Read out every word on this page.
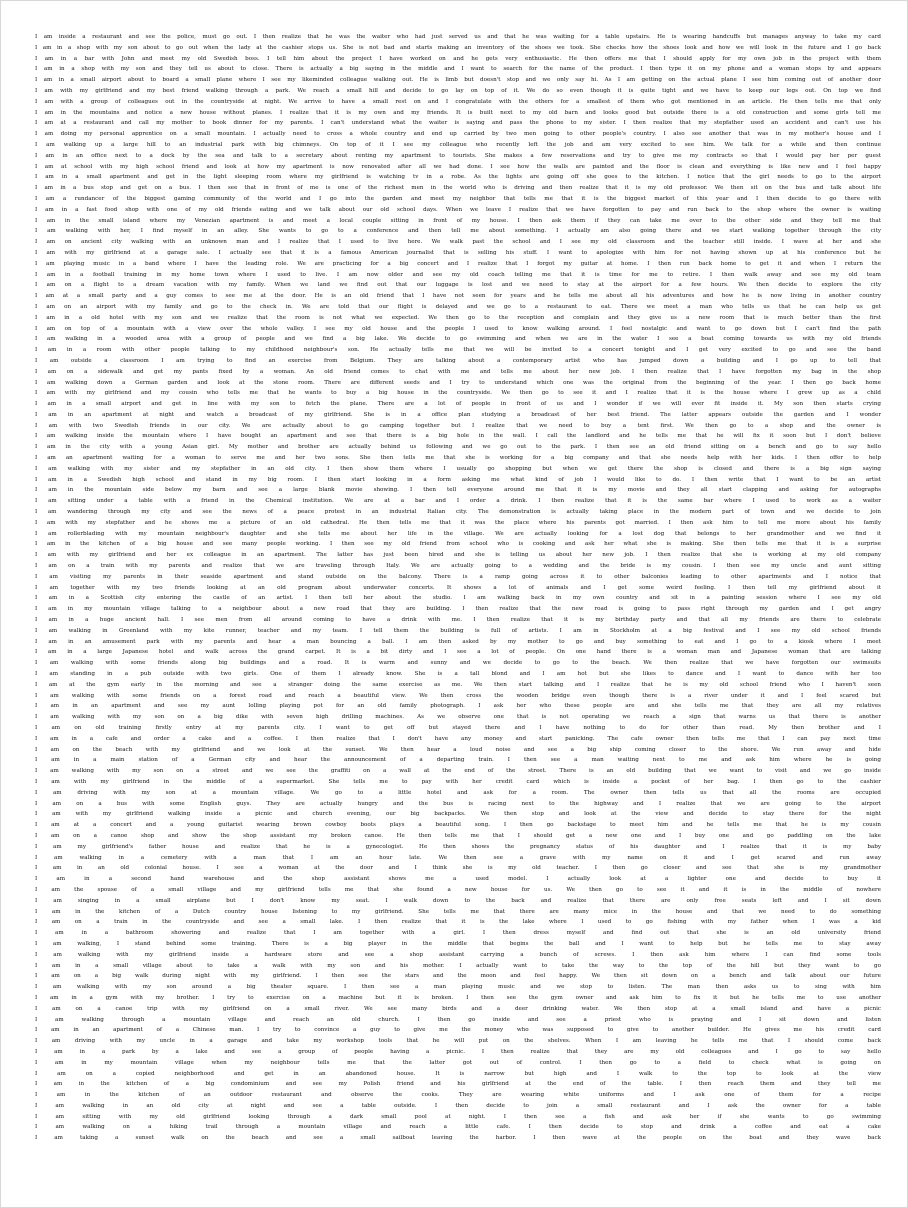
I am inside a restaurant and see the police, must go out. I then realize that he was the waiter who had just served us and that he was waiting for a table upstairs. He is wearing handcuffs but manages anyway to take my card
I am in a shop with my son about to go out when the lady at the cashier stops us. She is not bad and starts making an inventory of the shoes we took. She checks how the shoes look and how we will look in the future and I go back
I am in a bar with John and meet my old Swedish boss. I tell him about the project I have worked on and he gets very enthusiastic. He then offers me that I should apply for my own job in the project with them
I am in a shop with my son and they tell us about to close. There is actually a big saying in the middle and I want to search for the name of the product. I then type it on my phone and a woman stops by and appears
I am in a small airport about to board a small plane where I see my likeminded colleague walking out. He is limb but doesn't stop and we only say hi. As I am getting on the actual plane I see him coming out of another door
I am with my girlfriend and my best friend walking through a park. We reach a small hill and decide to go lay on top of it. We do so even though it is quite tight and we have to keep our legs out. On top we find
I am with a group of colleagues out in the countryside at night. We arrive to have a small rest on and I congratulate with the others for a smallest of them who got mentioned in an article. He then tells me that only
I am in the mountains and notice a new house without planes. I realize that it is my own and my friends. It is built next to my old barn and looks good but outside there is a old construction and some girls tell me
I am at a restaurant and call my mother to book dinner for my parents. I can't understand what the waiter is saying and pass the phone to my sister. I then realize that my stepfather used an accident and can't use his
I am doing my personal apprentice on a small mountain. I actually need to cross a whole country and end up carried by two men going to other people's country. I also see another that was in my mother's house and I
I am walking up a large hill to an industrial park with big chimneys. On top of it I see my colleague who recently left the job and am very excited to see him. We talk for a while and then continue
I am in an office next to a dock by the sea and talk to a secretary about renting my apartment to tourists. She makes a few reservations and try to give me my contracts so that I would pay her per guest
I am at school with my high school friend and look at how my apartment is now renovated after all we had done. I see how the walls are painted and the floor is clean and everything is like new and I feel happy
I am in a small apartment and get in the light sleeping room where my girlfriend is watching tv in a robe. As the lights are going off she goes to the kitchen. I notice that the girl needs to go to the airport
I am in a bus stop and get on a bus. I then see that in front of me is one of the richest men in the world who is driving and then realize that it is my old professor. We then sit on the bus and talk about life
I am a rundancer of the biggest gaming community of the world and I go into the garden and meet my neighbor that tells me that it is the biggest market of this year and I then decide to go there with
I am in a fast food shop with one of my old friends eating and we talk about our old school days. When we leave I realize that we have forgotten to pay and run back to the shop where the owner is waiting
I am in the small island where my Venezian apartment is and meet a local couple sitting in front of my house. I then ask them if they can take me over to the other side and they tell me that
I am walking with her, I find myself in an alley. She wants to go to a conference and then tell me about something. I actually am also going there and we start walking together through the city
I am on ancient city walking with an unknown man and I realize that I used to live here. We walk past the school and I see my old classroom and the teacher still inside. I wave at her and she
I am with my girlfriend at a garage sale. I actually see that it is a famous American journalist that is selling his stuff. I want to apologize with him for not having shown up at his conference but he
I am playing music in a band where I have the leading role. We are practicing for a big concert and I realize that I forgot my guitar at home. I then run back home to get it and when I return the
I am in a football training in my home town where I used to live. I am now older and see my old coach telling me that it is time for me to retire. I then walk away and see my old team
I am on a flight to a dream vacation with my family. When we land we find out that our luggage is lost and we need to stay at the airport for a few hours. We then decide to explore the city
I am at a small party and a guy comes to see me at the door. He is an old friend that I have not seen for years and he tells me about all his adventures and how he is now living in another country
I am on an airport with my family and go to the check in. We are told that our flight is delayed and we go to a restaurant to eat. There we meet a man who tells us that he can help us get
I am in a old hotel with my son and we realize that the room is not what we expected. We then go to the reception and complain and they give us a new room that is much better than the first
I am on top of a mountain with a view over the whole valley. I see my old house and the people I used to know walking around. I feel nostalgic and want to go down but I can't find the path
I am walking in a wooded area with a group of people and we find a big lake. We decide to go swimming and when we are in the water I see a boat coming towards us with my old friends
I am in a room with other people talking to my childhood neighbour's son. He actually tells me that we will be invited to a concert tonight and I get very excited to go and see the band
I am outside a classroom I am trying to find an exercise from Belgium. They are talking about a contemporary artist who has jumped down a building and I go up to tell that
I am on a sidewalk and get my pants fixed by a woman. An old friend comes to chat with me and tells me about her new job. I then realize that I have forgotten my bag in the shop
I am walking down a German garden and look at the stone room. There are different seeds and I try to understand which one was the original from the beginning of the year. I then go back home
I am with my girlfriend and my cousin who tells me that he wants to buy a big house in the countryside. We then go to see it and I realize that it is the house where I grew up as a child
I am in a small airport and get in line with my son to fetch the plane. There are a lot of people in front of us and I wonder if we will ever fit inside it. My son then starts crying
I am in an apartment at night and watch a broadcast of my girlfriend. She is in a office plan studying a broadcast of her best friend. The latter appears outside the garden and I wonder
I am with two Swedish friends in our city. We are actually about to go camping together but I realize that we need to buy a tent first. We then go to a shop and the owner is
I am walking inside the mountain where I have bought an apartment and see that there is a big hole in the wall. I call the landlord and he tells me that he will fix it soon but I don't believe
I am in the city with a young Asian girl. My mother and brother are actually behind us following and we go out to the park. I then see an old friend sitting on a bench and go to say hello
I am an apartment waiting for a woman to serve me and her two sons. She then tells me that she is working for a big company and that she needs help with her kids. I then offer to help
I am walking with my sister and my stepfather in an old city. I then show them where I usually go shopping but when we get there the shop is closed and there is a big sign saying
I am in a Swedish high school and stand in my big room. I then start looking in a form asking me what kind of job I would like to do. I then write that I want to be an artist
I am in the mountain side below my barn and see a large blank movie showing. I then tell everyone around me that it is my movie and they all start clapping and asking for autographs
I am sitting under a table with a friend in the Chemical institution. We are at a bar and I order a drink. I then realize that it is the same bar where I used to work as a waiter
I am wandering through my city and see the news of a peace protest in an industrial Italian city. The demonstration is actually taking place in the modern part of town and we decide to join
I am with my stepfather and he shows me a picture of an old cathedral. He then tells me that it was the place where his parents got married. I then ask him to tell me more about his family
I am rollerblading with my mountain neighbour's daughter and she tells me about her life in the village. We are actually looking for a lost dog that belongs to her grandmother and we find it
I am in the kitchen of a big house and see many people working. I then see my old friend from school who is cooking and ask her what she is making. She then tells me that it is a surprise
I am with my girlfriend and her ex colleague in an apartment. The latter has just been hired and she is telling us about her new job. I then realize that she is working at my old company
I am on a train with my parents and realize that we are traveling through Italy. We are actually going to a wedding and the bride is my cousin. I then see my uncle and aunt sitting
I am visiting my parents in their seaside apartment and stand outside on the balcony. There is a ramp going across it to other balconies leading to other apartments and I notice that
I am together with my two friends looking at an old program about underwater concerts. It shows a lot of animals and I get some weird feeling. I then tell my girlfriend about it
I am in a Scottish city entering the castle of an artist. I then tell her about the studio. I am walking back in my own country and sit in a painting session where I see my old
I am in my mountain village talking to a neighbour about a new road that they are building. I then realize that the new road is going to pass right through my garden and I get angry
I am in a huge ancient hall. I see men from all around coming to have a drink with me. I then realize that it is my birthday party and that all my friends are there to celebrate
I am walking in Greenland with my kite runner, teacher and my team. I tell them the building is full of artists. I am in Stockholm at a big festival and I see my old school friends
I am in an amusement park with my parents and hear a man bouncing a ball. I am then asked by my mother to go and buy something to eat and I go to a kiosk where I meet
I am in a large Japanese hotel and walk across the grand carpet. It is a bit dirty and I see a lot of people. On one hand there is a woman man and Japanese woman that are talking
I am walking with some friends along big buildings and a road. It is warm and sunny and we decide to go to the beach. We then realize that we have forgotten our swimsuits
I am standing in a pub outside with two girls. One of them I already know. She is a tall blond and I am hot but she likes to dance and I want to dance with her too
I am at the gym early in the morning and see a stranger doing the same exercise as me. We then start talking and I realize that he is my old school friend who I haven't seen
I am walking with some friends on a forest road and reach a beautiful view. We then cross the wooden bridge even though there is a river under it and I feel scared but
I am in an apartment and see my aunt lolling playing pot for an old family photograph. I ask her who these people are and she tells me that they are all my relatives
I am walking with my son on a big dike with seven high drilling machines. As we observe one that is not operating we reach a sign that warns us that there is another
I am on old training firstly entry at my parents city. I want to get off but stayed there and I have nothing to do for other than read. My then brother and I
I am in a cafe and order a cake and a coffee. I then realize that I don't have any money and start panicking. The cafe owner then tells me that I can pay next time
I am on the beach with my girlfriend and we look at the sunset. We then hear a loud noise and see a big ship coming closer to the shore. We run away and hide
I am in a main station of a German city and hear the announcement of a departing train. I then see a man waiting next to me and ask him where he is going
I am walking with my son on a street and we see the graffiti on a wall at the end of the street. There is an old building that we want to visit and we go inside
I am with my girlfriend in the middle of a supermarket. She tells me to pay with her credit card which is inside a pocket of her bag. I then go to the cashier
I am driving with my son at a mountain village. We go to a little hotel and ask for a room. The owner then tells us that all the rooms are occupied
I am on a bus with some English guys. They are actually hungry and the bus is racing next to the highway and I realize that we are going to the airport
I am with my girlfriend walking inside a picnic and church evening, our big backpacks. We then stop and look at the view and decide to stay there for the night
I am at a concert and a young guitarist wearing brown cowboy boots plays a beautiful song. I then go backstage to meet him and he tells me that he is my cousin
I am on a canoe shop and show the shop assistant my broken canoe. He then tells me that I should get a new one and I buy one and go paddling on the lake
I am my girlfriend's father house and realize that he is a gynecologist. He then shows the pregnancy status of his daughter and I realize that it is my baby
I am walking in a cemetery with a man that I am an hour late. We then see a grave with my name on it and I get scared and run away
I am in an old colonial house. I see a woman at the door and I think she is my old teacher. I then go closer and see that she is my grandmother
I am in a second hand warehouse and the shop assistant shows me a used model. I actually look at a lighter one and decide to buy it
I am the spouse of a small village and my girlfriend tells me that she found a new house for us. We then go to see it and it is in the middle of nowhere
I am singing in a small airplane but I don't know my seat. I walk down to the back and realize that there are only free seats left and I sit down
I am in the kitchen of a Dutch country house listening to my girlfriend. She tells me that there are many mice in the house and that we need to do something
I am on a train in the countryside and see a small lake. I then realize that it is the lake where I used to go fishing with my father when I was a kid
I am in a bathroom showering and realize that I am together with a girl. I then dress myself and find out that she is an old university friend
I am walking, I stand behind some training. There is a big player in the middle that begins the ball and I want to help but he tells me to stay away
I am walking with my girlfriend inside a hardware store and see a shop assistant carrying a bunch of screws. I then ask him where I can find some tools
I am in a small village about to take a walk with my son and his mother. I actually want to take the way to the top of the hill but they want to go
I am on a big walk during night with my girlfriend. I then see the stars and the moon and feel happy. We then sit down on a bench and talk about our future
I am walking with my son around a big theater square. I then see a man playing music and we stop to listen. The man then asks us to sing with him
I am in a gym with my brother. I try to exercise on a machine but it is broken. I then see the gym owner and ask him to fix it but he tells me to use another
I am on a canoe trip with my girlfriend on a small river. We see many birds and a deer drinking water. We then stop at a small island and have a picnic
I am walking through a mountain village and reach an old church. I then go inside and see a priest who is praying and I sit down and listen
I am in an apartment of a Chinese man. I try to convince a guy to give me the money who was supposed to give to another builder. He gives me his credit card
I am driving with my uncle in a garage and take my workshop tools that he will put on the shelves. When I am leaving he tells me that I should come back
I am in a park by a lake and see a group of people having a picnic. I then realize that they are my old colleagues and I go to say hello
I am in my mountain village when my neighbour tells me that the latter got out of control. I then go to a field to check what is going on
I am on a copied neighborhood and get in an abandoned house. It is narrow but high and I walk to the top to look at the view
I am in the kitchen of a big condominium and see my Polish friend and his girlfriend at the end of the table. I then reach them and they tell me
I am in the kitchen of an outdoor restaurant and observe the cooks. They are wearing white uniforms and I ask one of them for a recipe
I am walking in an old city at night and see a table outside. I then decide to join a small restaurant and I ask the owner for a table
I am sitting with my old girlfriend looking through a dark small pool at night. I then see a fish and ask her if she wants to go swimming
I am walking on a hiking trail through a mountain village and reach a little cafe. I then decide to stop and drink a coffee and eat a cake
I am taking a sunset walk on the beach and see a small sailboat leaving the harbor. I then wave at the people on the boat and they wave back
